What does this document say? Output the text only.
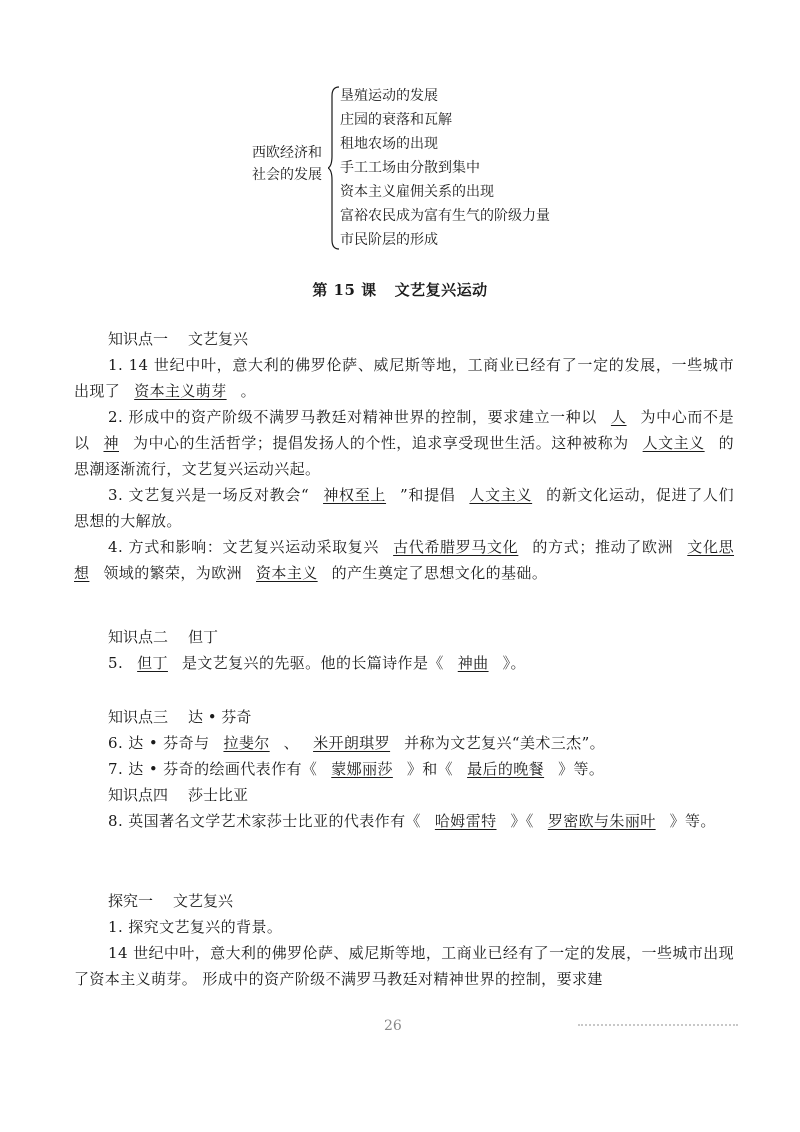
西欧经济和
社会的发展
垦殖运动的发展
庄园的衰落和瓦解
租地农场的出现
手工工场由分散到集中
资本主义雇佣关系的出现
富裕农民成为富有生气的阶级力量
市民阶层的形成
第 15 课 文艺复兴运动
知识点一 文艺复兴

1. 14 世纪中叶，意大利的佛罗伦萨、威尼斯等地，工商业已经有了一定的发展，一些城市出现了 资本主义萌芽 。

2. 形成中的资产阶级不满罗马教廷对精神世界的控制，要求建立一种以 人 为中心而不是以 神 为中心的生活哲学；提倡发扬人的个性，追求享受现世生活。这种被称为 人文主义 的思潮逐渐流行，文艺复兴运动兴起。

3. 文艺复兴是一场反对教会“ 神权至上 ”和提倡 人文主义 的新文化运动，促进了人们思想的大解放。

4. 方式和影响：文艺复兴运动采取复兴 古代希腊罗马文化 的方式；推动了欧洲 文化思想 领域的繁荣，为欧洲 资本主义 的产生奠定了思想文化的基础。

知识点二 但丁

5. 但丁 是文艺复兴的先驱。他的长篇诗作是《 神曲 》。

知识点三 达 • 芬奇

6. 达 • 芬奇与 拉斐尔 、 米开朗琪罗 并称为文艺复兴“美术三杰”。

7. 达 • 芬奇的绘画代表作有《 蒙娜丽莎 》和《 最后的晚餐 》等。

知识点四 莎士比亚

8. 英国著名文学艺术家莎士比亚的代表作有《 哈姆雷特 》《 罗密欧与朱丽叶 》等。

探究一 文艺复兴

1. 探究文艺复兴的背景。

14 世纪中叶，意大利的佛罗伦萨、威尼斯等地，工商业已经有了一定的发展，一些城市出现了资本主义萌芽。 形成中的资产阶级不满罗马教廷对精神世界的控制，要求建

26
